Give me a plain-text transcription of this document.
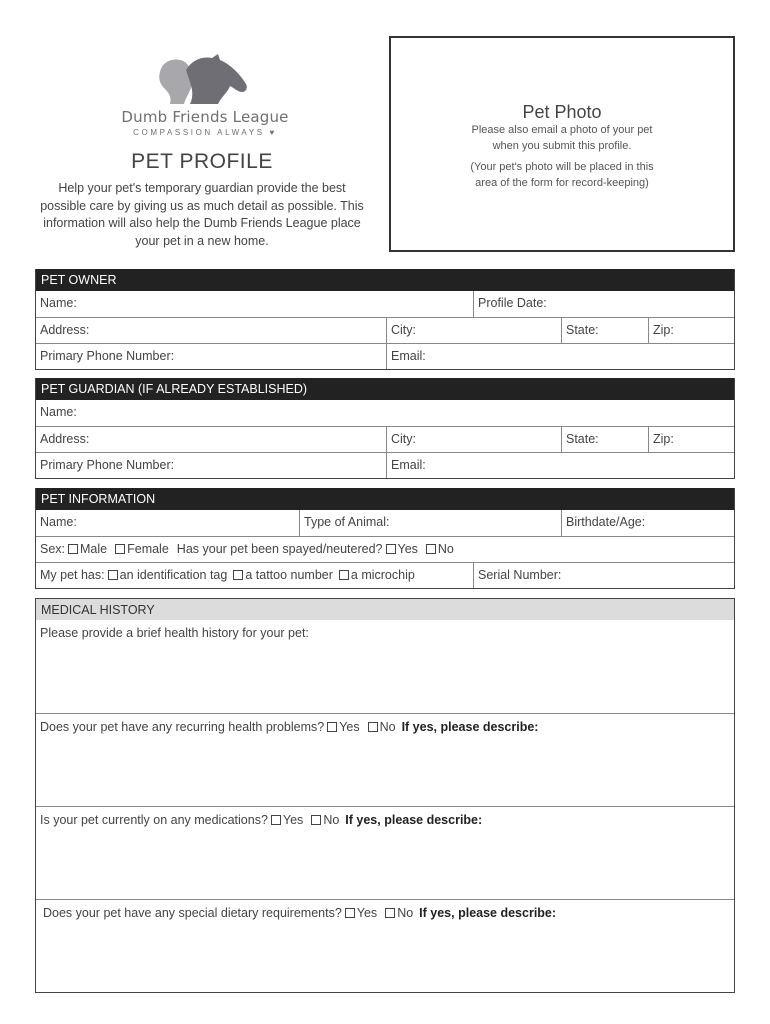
Dumb Friends League
COMPASSION ALWAYS ♥
PET PROFILE
Help your pet's temporary guardian provide the best possible care by giving us as much detail as possible. This information will also help the Dumb Friends League place your pet in a new home.
Pet Photo
Please also email a photo of your pet
when you submit this profile.
(Your pet's photo will be placed in this
area of the form for record-keeping)
PET OWNER
Name:	Profile Date:
Address:	City:	State:	Zip:
Primary Phone Number:	Email:
PET GUARDIAN (IF ALREADY ESTABLISHED)
Name:
Address:	City:	State:	Zip:
Primary Phone Number:	Email:
PET INFORMATION
Name:	Type of Animal:	Birthdate/Age:
Sex: Male Female Has your pet been spayed/neutered? Yes No
My pet has: an identification tag a tattoo number a microchip	Serial Number:
MEDICAL HISTORY
Please provide a brief health history for your pet:
Does your pet have any recurring health problems? Yes No If yes, please describe:
Is your pet currently on any medications? Yes No If yes, please describe:
Does your pet have any special dietary requirements? Yes No If yes, please describe:
